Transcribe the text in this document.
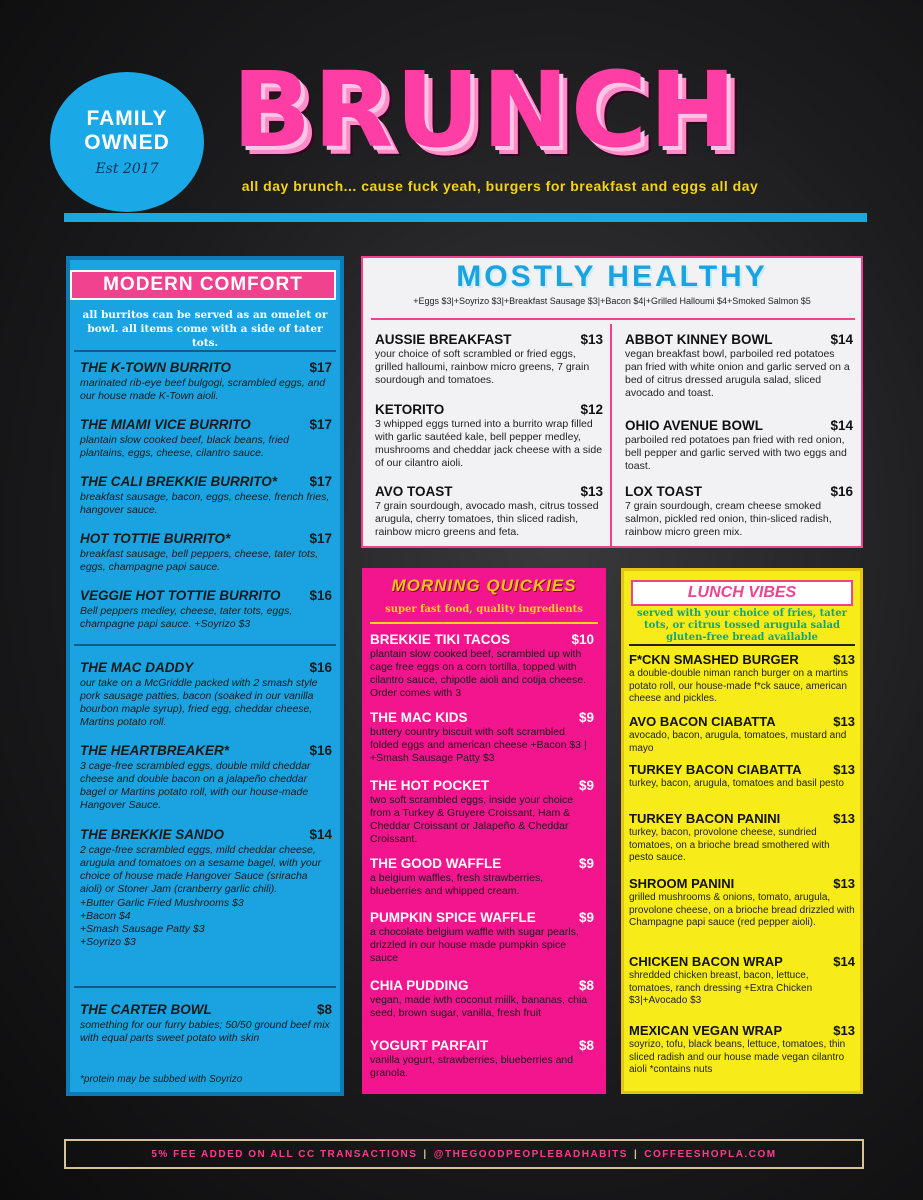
FAMILY
OWNED
Est 2017 BRUNCH
all day brunch... cause fuck yeah, burgers for breakfast and eggs all day
MODERN COMFORT
all burritos can be served as an omelet or bowl. all items come with a side of tater tots.
THE K-TOWN BURRITO	$17
marinated rib-eye beef bulgogi, scrambled eggs, and our house made K-Town aioli.
THE MIAMI VICE BURRITO	$17
plantain slow cooked beef, black beans, fried plantains, eggs, cheese, cilantro sauce.
THE CALI BREKKIE BURRITO* $17
breakfast sausage, bacon, eggs, cheese, french fries, hangover sauce.
HOT TOTTIE BURRITO*	$17
breakfast sausage, bell peppers, cheese, tater tots, eggs, champagne papi sauce.
VEGGIE HOT TOTTIE BURRITO $16
Bell peppers medley, cheese, tater tots, eggs, champagne papi sauce. +Soyrizo $3
THE MAC DADDY	$16
our take on a McGriddle packed with 2 smash style pork sausage patties, bacon (soaked in our vanilla bourbon maple syrup), fried egg, cheddar cheese, Martins potato roll.
THE HEARTBREAKER*	$16
3 cage-free scrambled eggs, double mild cheddar cheese and double bacon on a jalapeño cheddar bagel or Martins potato roll, with our house-made Hangover Sauce.
THE BREKKIE SANDO	$14
2 cage-free scrambled eggs, mild cheddar cheese, arugula and tomatoes on a sesame bagel, with your choice of house made Hangover Sauce (sriracha aioli) or Stoner Jam (cranberry garlic chili).
+Butter Garlic Fried Mushrooms $3
+Bacon $4
+Smash Sausage Patty $3
+Soyrizo $3
THE CARTER BOWL	$8
something for our furry babies; 50/50 ground beef mix with equal parts sweet potato with skin
*protein may be subbed with Soyrizo
MOSTLY HEALTHY
+Eggs $3|+Soyrizo $3|+Breakfast Sausage $3|+Bacon $4|+Grilled Halloumi $4+Smoked Salmon $5
AUSSIE BREAKFAST	$13
your choice of soft scrambled or fried eggs, grilled halloumi, rainbow micro greens, 7 grain sourdough and tomatoes.
KETORITO	$12
3 whipped eggs turned into a burrito wrap filled with garlic sautéed kale, bell pepper medley, mushrooms and cheddar jack cheese with a side of our cilantro aioli.
AVO TOAST	$13
7 grain sourdough, avocado mash, citrus tossed arugula, cherry tomatoes, thin sliced radish, rainbow micro greens and feta.
ABBOT KINNEY BOWL	$14
vegan breakfast bowl, parboiled red potatoes pan fried with white onion and garlic served on a bed of citrus dressed arugula salad, sliced avocado and toast.
OHIO AVENUE BOWL	$14
parboiled red potatoes pan fried with red onion, bell pepper and garlic served with two eggs and toast.
LOX TOAST	$16
7 grain sourdough, cream cheese smoked salmon, pickled red onion, thin-sliced radish, rainbow micro green mix.
MORNING QUICKIES
super fast food, quality ingredients
BREKKIE TIKI TACOS	$10
plantain slow cooked beef, scrambled up with cage free eggs on a corn tortilla, topped with cilantro sauce, chipotle aioli and cotija cheese. Order comes with 3
THE MAC KIDS	$9
buttery country biscuit with soft scrambled folded eggs and american cheese +Bacon $3 | +Smash Sausage Patty $3
THE HOT POCKET	$9
two soft scrambled eggs, inside your choice from a Turkey & Gruyere Croissant, Ham & Cheddar Croissant or Jalapeño & Cheddar Croissant.
THE GOOD WAFFLE	$9
a belgium waffles, fresh strawberries, blueberries and whipped cream.
PUMPKIN SPICE WAFFLE	$9
a chocolate belgium waffle with sugar pearls, drizzled in our house made pumpkin spice sauce
CHIA PUDDING	$8
vegan, made iwth coconut miilk, bananas, chia seed, brown sugar, vanilla, fresh fruit
YOGURT PARFAIT	$8
vanilla yogurt, strawberries, blueberries and granola.
LUNCH VIBES
served with your choice of fries, tater tots, or citrus tossed arugula salad gluten-free bread available
F*CKN SMASHED BURGER	$13
a double-double niman ranch burger on a martins potato roll, our house-made f*ck sauce, american cheese and pickles.
AVO BACON CIABATTA	$13
avocado, bacon, arugula, tomatoes, mustard and mayo
TURKEY BACON CIABATTA $13
turkey, bacon, arugula, tomatoes and basil pesto
TURKEY BACON PANINI	$13
turkey, bacon, provolone cheese, sundried tomatoes, on a brioche bread smothered with pesto sauce.
SHROOM PANINI	$13
grilled mushrooms & onions, tomato, arugula, provolone cheese, on a brioche bread drizzled with Champagne papi sauce (red pepper aioli).
CHICKEN BACON WRAP	$14
shredded chicken breast, bacon, lettuce, tomatoes, ranch dressing +Extra Chicken $3|+Avocado $3
MEXICAN VEGAN WRAP	$13
soyrizo, tofu, black beans, lettuce, tomatoes, thin sliced radish and our house made vegan cilantro aioli *contains nuts
5% FEE ADDED ON ALL CC TRANSACTIONS | @THEGOODPEOPLEBADHABITS | COFFEESHOPLA.COM
